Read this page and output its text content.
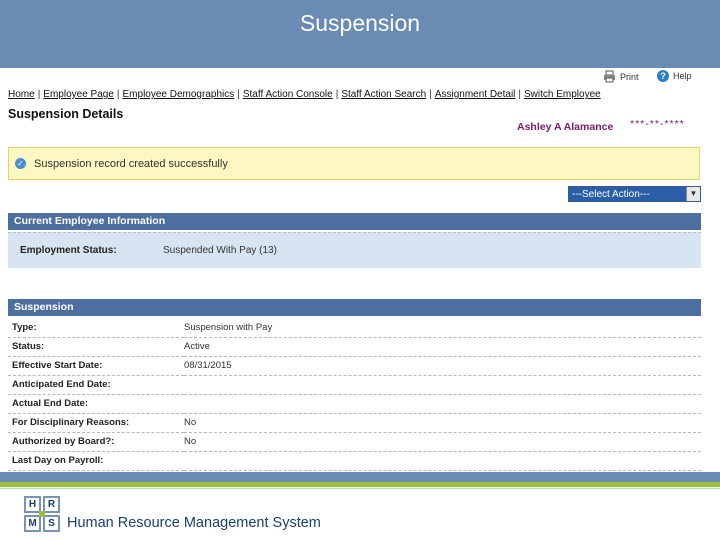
Suspension
Print	? Help
Home | Employee Page | Employee Demographics | Staff Action Console | Staff Action Search | Assignment Detail | Switch Employee
Suspension Details
Ashley A Alamance ***-**-****
✓ Suspension record created successfully
---Select Action---	▼
Current Employee Information
Employment Status:	Suspended With Pay (13)
Suspension
Type:	Suspension with Pay
Status:	Active
Effective Start Date:	08/31/2015
Anticipated End Date:	
Actual End Date:	
For Disciplinary Reasons:	No
Authorized by Board?:	No
Last Day on Payroll:	
H	R
M	S Human Resource Management System
